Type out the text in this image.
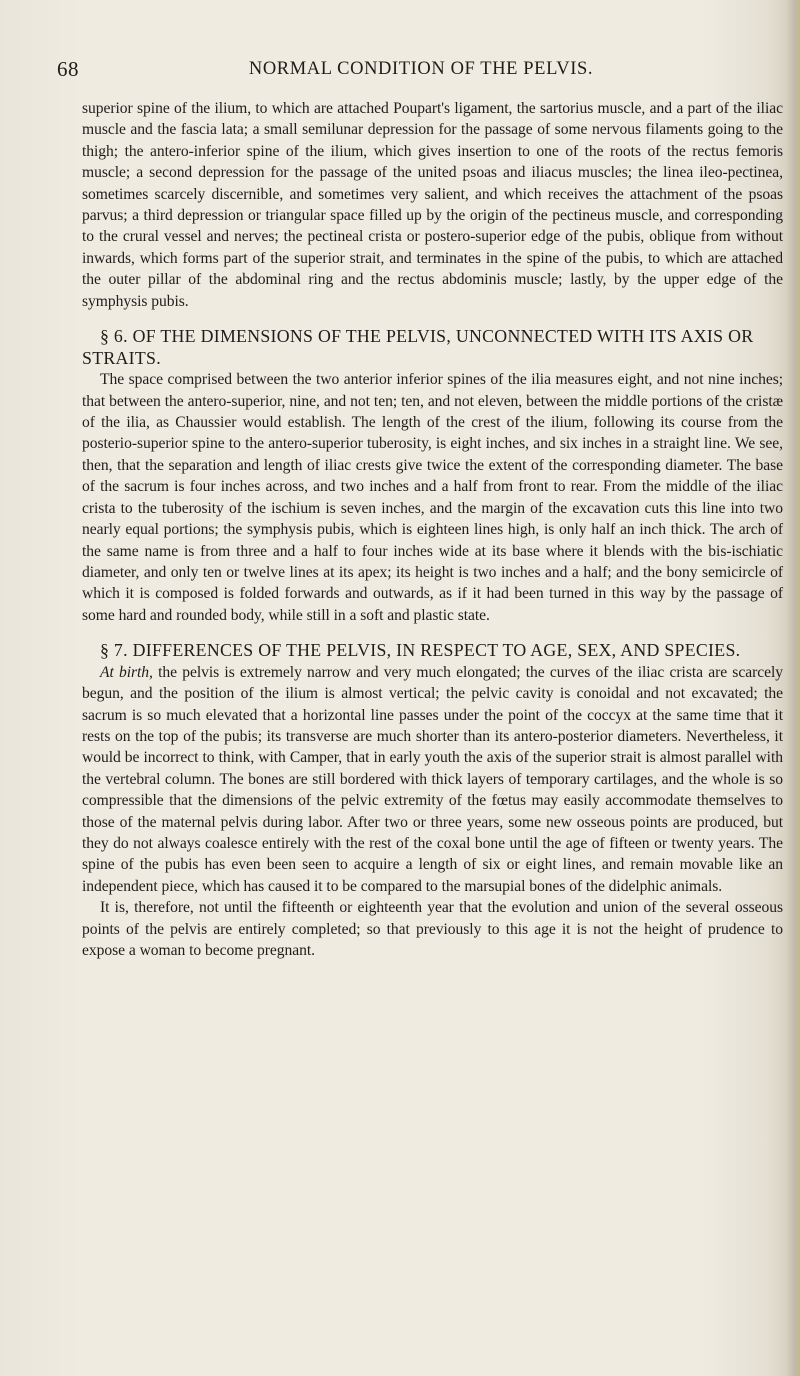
68	NORMAL CONDITION OF THE PELVIS.

superior spine of the ilium, to which are attached Poupart's ligament, the sartorius muscle, and a part of the iliac muscle and the fascia lata; a small semilunar depression for the passage of some nervous filaments going to the thigh; the antero-inferior spine of the ilium, which gives insertion to one of the roots of the rectus femoris muscle; a second depression for the passage of the united psoas and iliacus muscles; the linea ileo-pectinea, sometimes scarcely discernible, and sometimes very salient, and which receives the attachment of the psoas parvus; a third depression or triangular space filled up by the origin of the pectineus muscle, and corresponding to the crural vessel and nerves; the pectineal crista or postero-superior edge of the pubis, oblique from without inwards, which forms part of the superior strait, and terminates in the spine of the pubis, to which are attached the outer pillar of the abdominal ring and the rectus abdominis muscle; lastly, by the upper edge of the symphysis pubis.

§ 6. OF THE DIMENSIONS OF THE PELVIS, UNCONNECTED WITH ITS AXIS OR STRAITS.

The space comprised between the two anterior inferior spines of the ilia measures eight, and not nine inches; that between the antero-superior, nine, and not ten; ten, and not eleven, between the middle portions of the cristæ of the ilia, as Chaussier would establish. The length of the crest of the ilium, following its course from the posterio-superior spine to the antero-superior tuberosity, is eight inches, and six inches in a straight line. We see, then, that the separation and length of iliac crests give twice the extent of the corresponding diameter. The base of the sacrum is four inches across, and two inches and a half from front to rear. From the middle of the iliac crista to the tuberosity of the ischium is seven inches, and the margin of the excavation cuts this line into two nearly equal portions; the symphysis pubis, which is eighteen lines high, is only half an inch thick. The arch of the same name is from three and a half to four inches wide at its base where it blends with the bis-ischiatic diameter, and only ten or twelve lines at its apex; its height is two inches and a half; and the bony semicircle of which it is composed is folded forwards and outwards, as if it had been turned in this way by the passage of some hard and rounded body, while still in a soft and plastic state.

§ 7. DIFFERENCES OF THE PELVIS, IN RESPECT TO AGE, SEX, AND SPECIES.

At birth, the pelvis is extremely narrow and very much elongated; the curves of the iliac crista are scarcely begun, and the position of the ilium is almost vertical; the pelvic cavity is conoidal and not excavated; the sacrum is so much elevated that a horizontal line passes under the point of the coccyx at the same time that it rests on the top of the pubis; its transverse are much shorter than its antero-posterior diameters. Nevertheless, it would be incorrect to think, with Camper, that in early youth the axis of the superior strait is almost parallel with the vertebral column. The bones are still bordered with thick layers of temporary cartilages, and the whole is so compressible that the dimensions of the pelvic extremity of the fœtus may easily accommodate themselves to those of the maternal pelvis during labor. After two or three years, some new osseous points are produced, but they do not always coalesce entirely with the rest of the coxal bone until the age of fifteen or twenty years. The spine of the pubis has even been seen to acquire a length of six or eight lines, and remain movable like an independent piece, which has caused it to be compared to the marsupial bones of the didelphic animals.

It is, therefore, not until the fifteenth or eighteenth year that the evolution and union of the several osseous points of the pelvis are entirely completed; so that previously to this age it is not the height of prudence to expose a woman to become pregnant.
